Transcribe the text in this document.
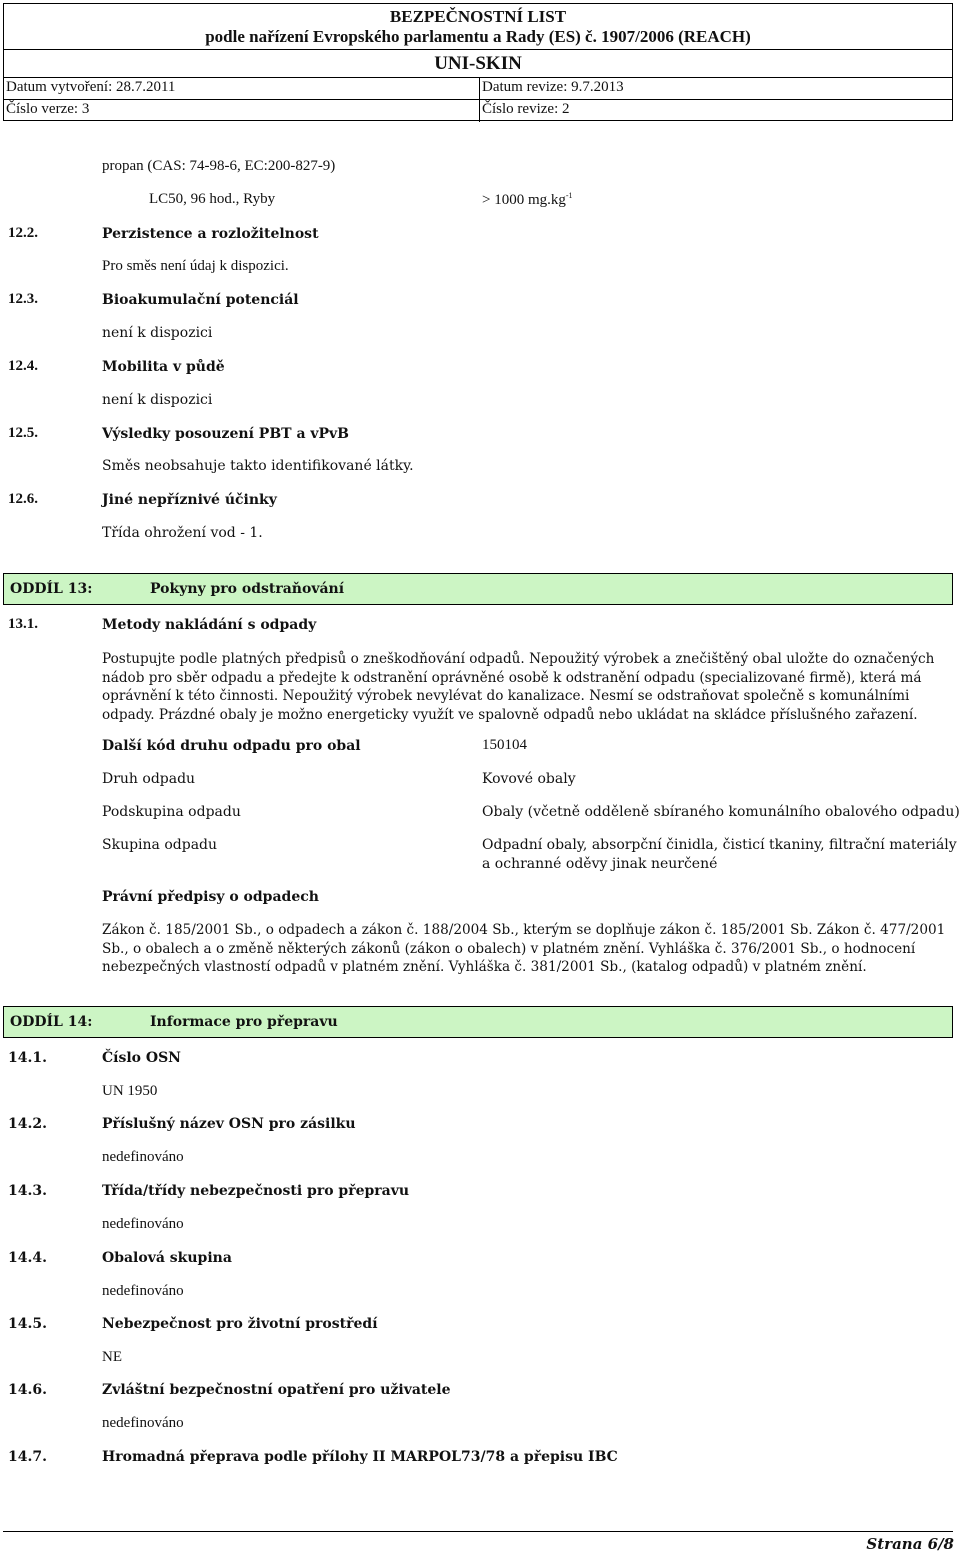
BEZPEČNOSTNÍ LIST
podle nařízení Evropského parlamentu a Rady (ES) č. 1907/2006 (REACH)
UNI-SKIN
Datum vytvoření: 28.7.2011	Datum revize: 9.7.2013
Číslo verze: 3	Číslo revize: 2
propan (CAS: 74-98-6, EC:200-827-9)
LC50, 96 hod., Ryby	> 1000 $mg.kg^{-1}$
12.2.	Perzistence a rozložitelnost
Pro směs není údaj k dispozici.
12.3.	Bioakumulační potenciál
není k dispozici
12.4.	Mobilita v půdě
není k dispozici
12.5.	Výsledky posouzení PBT a vPvB
Směs neobsahuje takto identifikované látky.
12.6.	Jiné nepříznivé účinky
Třída ohrožení vod - 1.
ODDÍL 13:	Pokyny pro odstraňování
13.1.	Metody nakládání s odpady
Postupujte podle platných předpisů o zneškodňování odpadů. Nepoužitý výrobek a znečištěný obal uložte do označených nádob pro sběr odpadu a předejte k odstranění oprávněné osobě k odstranění odpadu (specializované firmě), která má oprávnění k této činnosti. Nepoužitý výrobek nevylévat do kanalizace. Nesmí se odstraňovat společně s komunálními odpady. Prázdné obaly je možno energeticky využít ve spalovně odpadů nebo ukládat na skládce příslušného zařazení.
Další kód druhu odpadu pro obal	150104
Druh odpadu	Kovové obaly
Podskupina odpadu	Obaly (včetně odděleně sbíraného komunálního obalového odpadu)
Skupina odpadu	Odpadní obaly, absorpční činidla, čisticí tkaniny, filtrační materiály
a ochranné oděvy jinak neurčené
Právní předpisy o odpadech
Zákon č. 185/2001 Sb., o odpadech a zákon č. 188/2004 Sb., kterým se doplňuje zákon č. 185/2001 Sb. Zákon č. 477/2001 Sb., o obalech a o změně některých zákonů (zákon o obalech) v platném znění. Vyhláška č. 376/2001 Sb., o hodnocení nebezpečných vlastností odpadů v platném znění. Vyhláška č. 381/2001 Sb., (katalog odpadů) v platném znění.
ODDÍL 14:	Informace pro přepravu
14.1.	Číslo OSN
UN 1950
14.2.	Příslušný název OSN pro zásilku
nedefinováno
14.3.	Třída/třídy nebezpečnosti pro přepravu
nedefinováno
14.4.	Obalová skupina
nedefinováno
14.5.	Nebezpečnost pro životní prostředí
NE
14.6.	Zvláštní bezpečnostní opatření pro uživatele
nedefinováno
14.7.	Hromadná přeprava podle přílohy II MARPOL73/78 a přepisu IBC
Strana 6/8
